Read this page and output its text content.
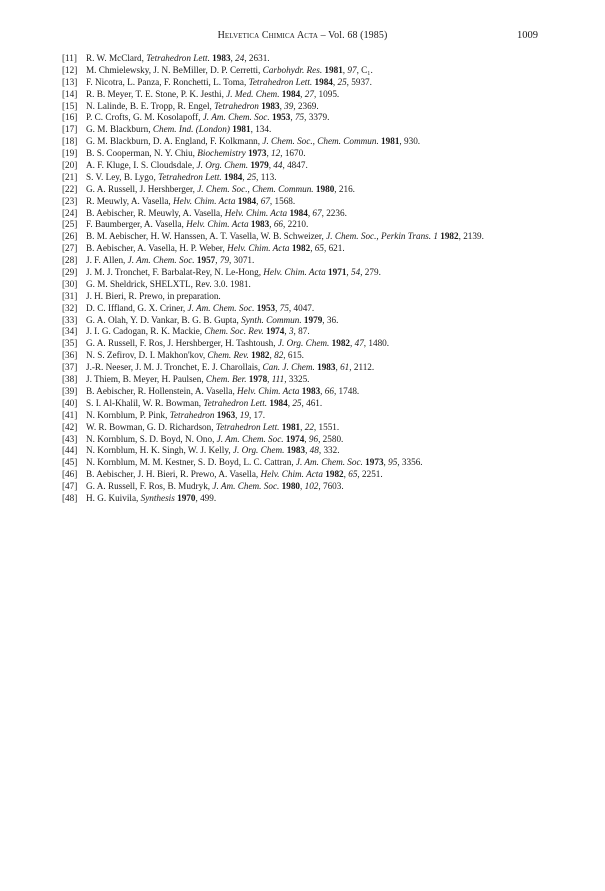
Helvetica Chimica Acta – Vol. 68 (1985)	1009
[11] R. W. McClard, Tetrahedron Lett. 1983, 24, 2631.
[12] M. Chmielewsky, J. N. BeMiller, D. P. Cerretti, Carbohydr. Res. 1981, 97, C₁.
[13] F. Nicotra, L. Panza, F. Ronchetti, L. Toma, Tetrahedron Lett. 1984, 25, 5937.
[14] R. B. Meyer, T. E. Stone, P. K. Jesthi, J. Med. Chem. 1984, 27, 1095.
[15] N. Lalinde, B. E. Tropp, R. Engel, Tetrahedron 1983, 39, 2369.
[16] P. C. Crofts, G. M. Kosolapoff, J. Am. Chem. Soc. 1953, 75, 3379.
[17] G. M. Blackburn, Chem. Ind. (London) 1981, 134.
[18] G. M. Blackburn, D. A. England, F. Kolkmann, J. Chem. Soc., Chem. Commun. 1981, 930.
[19] B. S. Cooperman, N. Y. Chiu, Biochemistry 1973, 12, 1670.
[20] A. F. Kluge, I. S. Cloudsdale, J. Org. Chem. 1979, 44, 4847.
[21] S. V. Ley, B. Lygo, Tetrahedron Lett. 1984, 25, 113.
[22] G. A. Russell, J. Hershberger, J. Chem. Soc., Chem. Commun. 1980, 216.
[23] R. Meuwly, A. Vasella, Helv. Chim. Acta 1984, 67, 1568.
[24] B. Aebischer, R. Meuwly, A. Vasella, Helv. Chim. Acta 1984, 67, 2236.
[25] F. Baumberger, A. Vasella, Helv. Chim. Acta 1983, 66, 2210.
[26] B. M. Aebischer, H. W. Hanssen, A. T. Vasella, W. B. Schweizer, J. Chem. Soc., Perkin Trans. 1 1982, 2139.
[27] B. Aebischer, A. Vasella, H. P. Weber, Helv. Chim. Acta 1982, 65, 621.
[28] J. F. Allen, J. Am. Chem. Soc. 1957, 79, 3071.
[29] J. M. J. Tronchet, F. Barbalat-Rey, N. Le-Hong, Helv. Chim. Acta 1971, 54, 279.
[30] G. M. Sheldrick, SHELXTL, Rev. 3.0. 1981.
[31] J. H. Bieri, R. Prewo, in preparation.
[32] D. C. Iffland, G. X. Criner, J. Am. Chem. Soc. 1953, 75, 4047.
[33] G. A. Olah, Y. D. Vankar, B. G. B. Gupta, Synth. Commun. 1979, 36.
[34] J. I. G. Cadogan, R. K. Mackie, Chem. Soc. Rev. 1974, 3, 87.
[35] G. A. Russell, F. Ros, J. Hershberger, H. Tashtoush, J. Org. Chem. 1982, 47, 1480.
[36] N. S. Zefirov, D. I. Makhon'kov, Chem. Rev. 1982, 82, 615.
[37] J.-R. Neeser, J. M. J. Tronchet, E. J. Charollais, Can. J. Chem. 1983, 61, 2112.
[38] J. Thiem, B. Meyer, H. Paulsen, Chem. Ber. 1978, 111, 3325.
[39] B. Aebischer, R. Hollenstein, A. Vasella, Helv. Chim. Acta 1983, 66, 1748.
[40] S. I. Al-Khalil, W. R. Bowman, Tetrahedron Lett. 1984, 25, 461.
[41] N. Kornblum, P. Pink, Tetrahedron 1963, 19, 17.
[42] W. R. Bowman, G. D. Richardson, Tetrahedron Lett. 1981, 22, 1551.
[43] N. Kornblum, S. D. Boyd, N. Ono, J. Am. Chem. Soc. 1974, 96, 2580.
[44] N. Kornblum, H. K. Singh, W. J. Kelly, J. Org. Chem. 1983, 48, 332.
[45] N. Kornblum, M. M. Kestner, S. D. Boyd, L. C. Cattran, J. Am. Chem. Soc. 1973, 95, 3356.
[46] B. Aebischer, J. H. Bieri, R. Prewo, A. Vasella, Helv. Chim. Acta 1982, 65, 2251.
[47] G. A. Russell, F. Ros, B. Mudryk, J. Am. Chem. Soc. 1980, 102, 7603.
[48] H. G. Kuivila, Synthesis 1970, 499.
